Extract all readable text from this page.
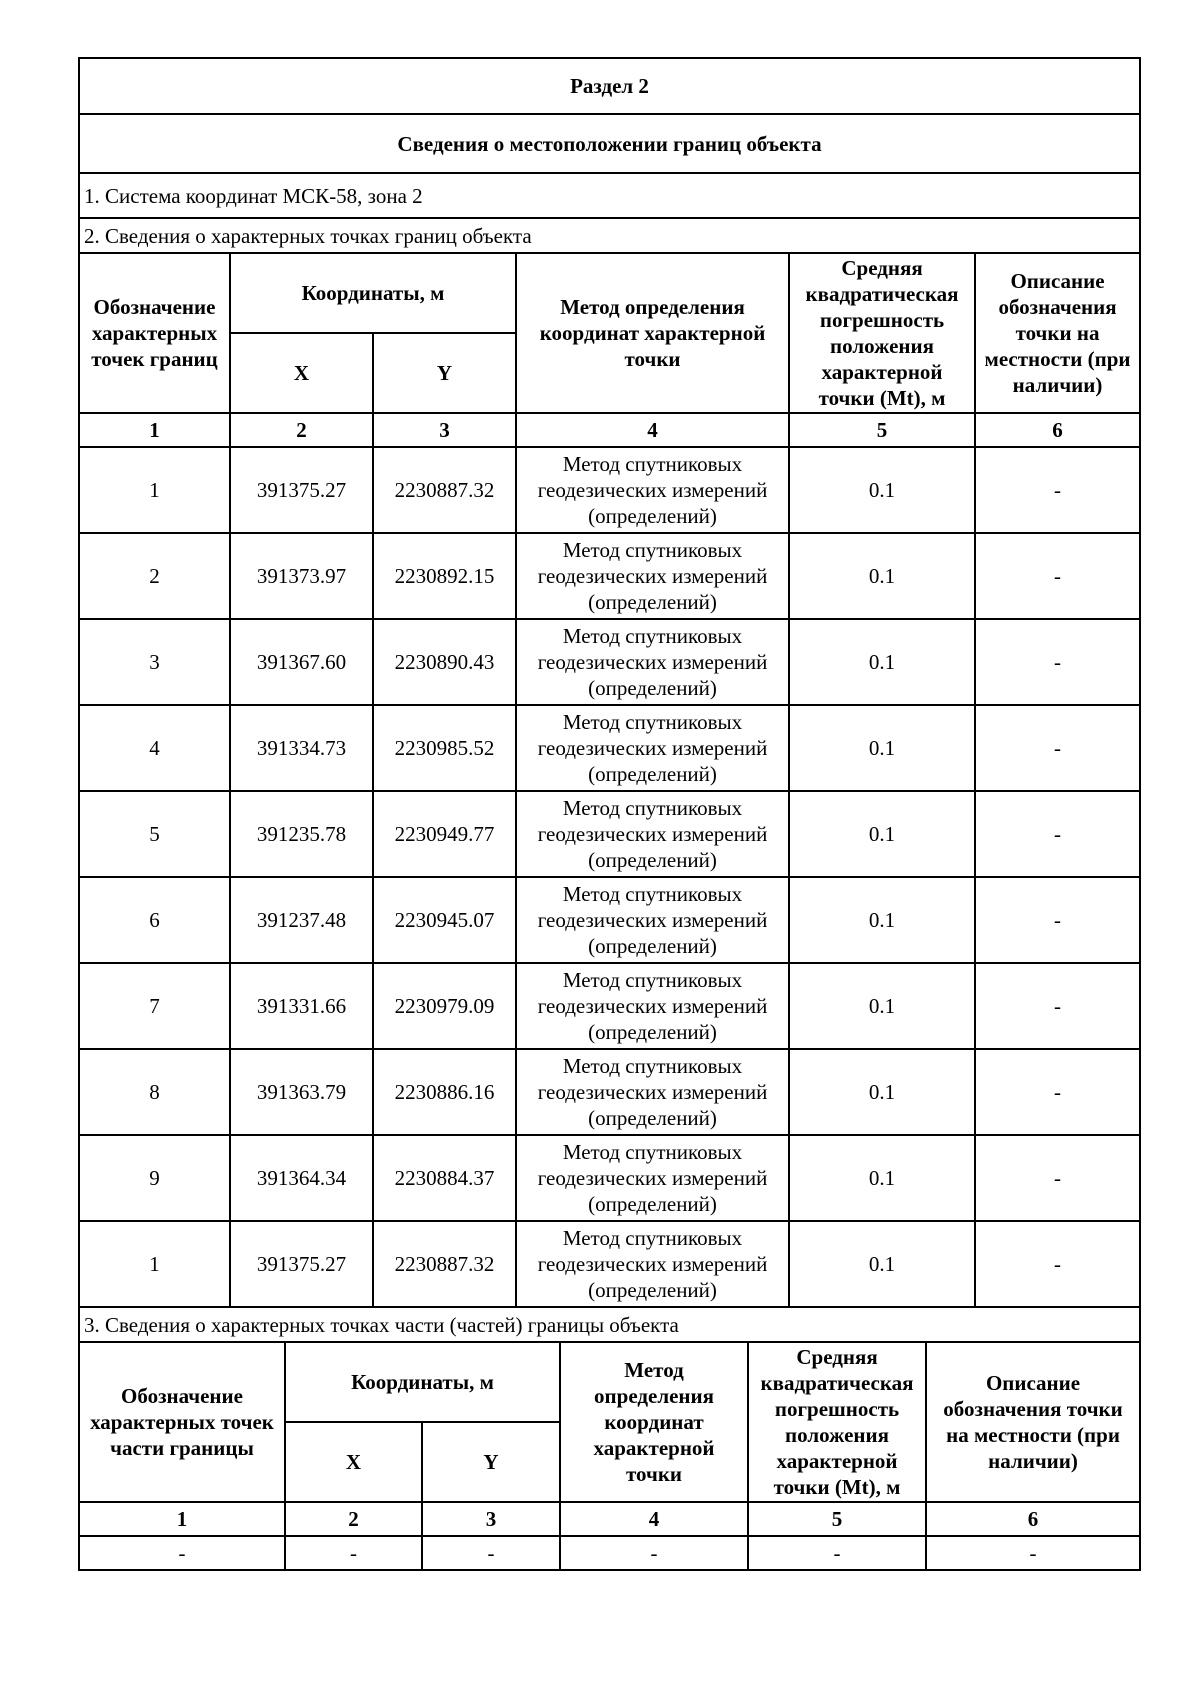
Раздел 2
Сведения о местоположении границ объекта
1. Система координат МСК-58, зона 2
2. Сведения о характерных точках границ объекта
Обозначение характерных точек границ	Координаты, м		Метод определения координат характерной точки	Средняя квадратическая погрешность положения характерной точки (Mt), м	Описание обозначения точки на местности (при наличии)
	X	Y			
1	2	3	4	5	6
1	391375.27	2230887.32	Метод спутниковых геодезических измерений (определений)	0.1	-
2	391373.97	2230892.15	Метод спутниковых геодезических измерений (определений)	0.1	-
3	391367.60	2230890.43	Метод спутниковых геодезических измерений (определений)	0.1	-
4	391334.73	2230985.52	Метод спутниковых геодезических измерений (определений)	0.1	-
5	391235.78	2230949.77	Метод спутниковых геодезических измерений (определений)	0.1	-
6	391237.48	2230945.07	Метод спутниковых геодезических измерений (определений)	0.1	-
7	391331.66	2230979.09	Метод спутниковых геодезических измерений (определений)	0.1	-
8	391363.79	2230886.16	Метод спутниковых геодезических измерений (определений)	0.1	-
9	391364.34	2230884.37	Метод спутниковых геодезических измерений (определений)	0.1	-
1	391375.27	2230887.32	Метод спутниковых геодезических измерений (определений)	0.1	-
3. Сведения о характерных точках части (частей) границы объекта
Обозначение характерных точек части границы	Координаты, м		Метод определения координат характерной точки	Средняя квадратическая погрешность положения характерной точки (Mt), м	Описание обозначения точки на местности (при наличии)
	X	Y			
1	2	3	4	5	6
-	-	-	-	-	-
